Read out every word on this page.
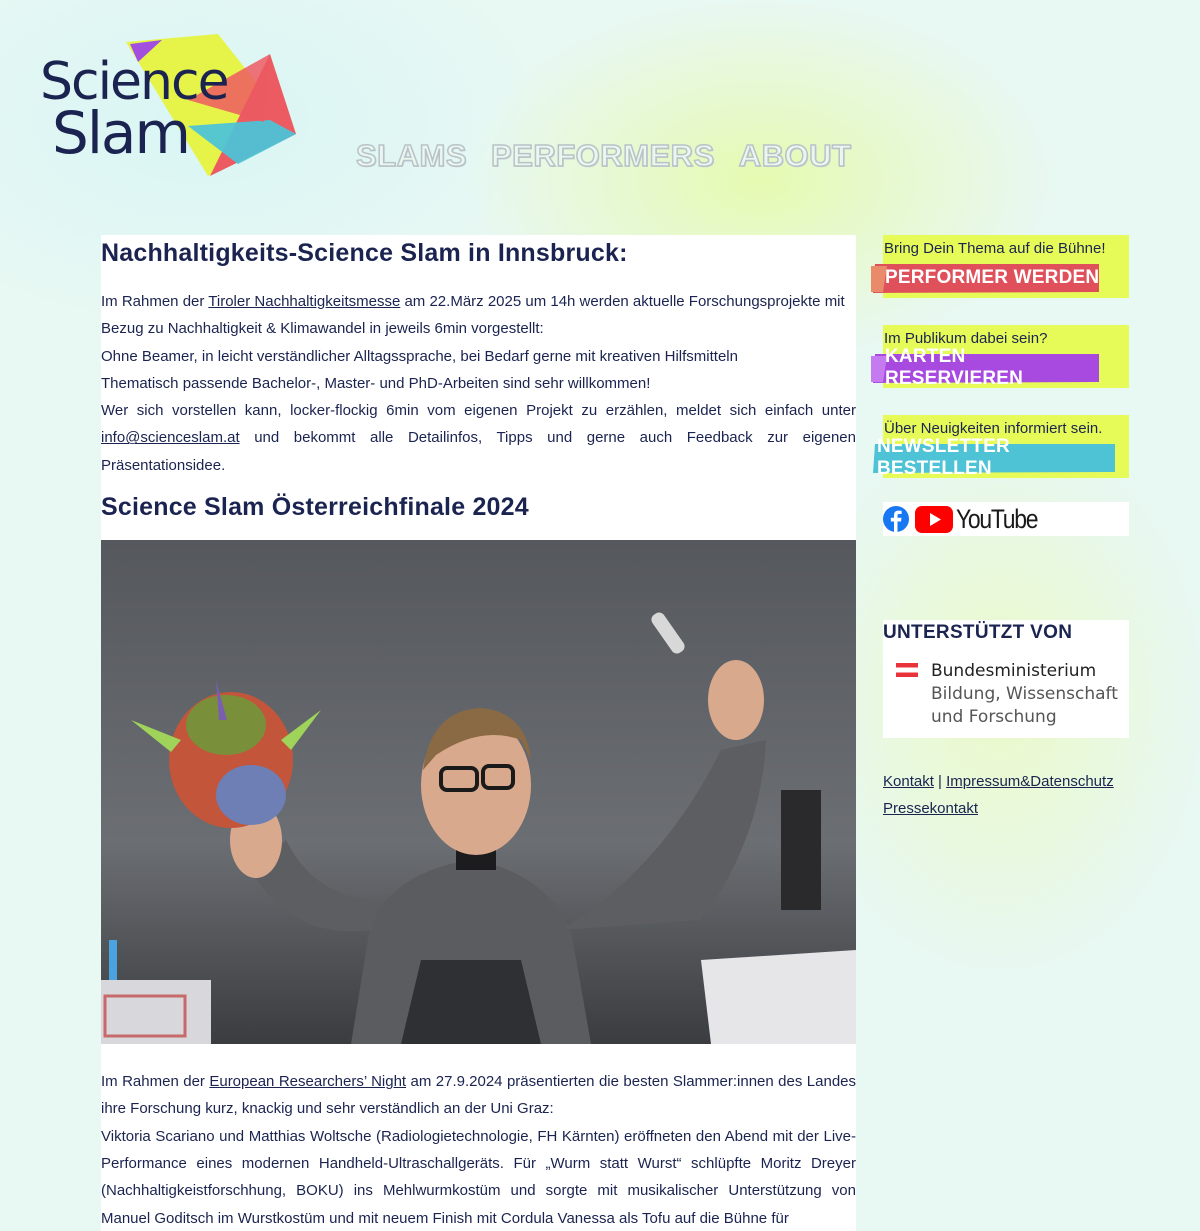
Science
Slam	SLAMS PERFORMERS ABOUT
Nachhaltigkeits-Science Slam in Innsbruck:

Im Rahmen der Tiroler Nachhaltigkeitsmesse am 22.März 2025 um 14h werden aktuelle Forschungsprojekte mit Bezug zu Nachhaltigkeit & Klimawandel in jeweils 6min vorgestellt:

Ohne Beamer, in leicht verständlicher Alltagssprache, bei Bedarf gerne mit kreativen Hilfsmitteln

Thematisch passende Bachelor-, Master- und PhD-Arbeiten sind sehr willkommen!

Wer sich vorstellen kann, locker-flockig 6min vom eigenen Projekt zu erzählen, meldet sich einfach unter info@scienceslam.at und bekommt alle Detailinfos, Tipps und gerne auch Feedback zur eigenen Präsentationsidee.

Science Slam Österreichfinale 2024

Im Rahmen der European Researchers’ Night am 27.9.2024 präsentierten die besten Slammer:innen des Landes ihre Forschung kurz, knackig und sehr verständlich an der Uni Graz:

Viktoria Scariano und Matthias Woltsche (Radiologietechnologie, FH Kärnten) eröffneten den Abend mit der Live-Performance eines modernen Handheld-Ultraschallgeräts. Für „Wurm statt Wurst“ schlüpfte Moritz Dreyer (Nachhaltigkeistforschhung, BOKU) ins Mehlwurmkostüm und sorgte mit musikalischer Unterstützung von Manuel Goditsch im Wurstkostüm und mit neuem Finish mit Cordula Vanessa als Tofu auf die Bühne für

Bring Dein Thema auf die Bühne!
PERFORMER WERDEN
Im Publikum dabei sein?
KARTEN RESERVIEREN
Über Neuigkeiten informiert sein.
NEWSLETTER BESTELLEN
YouTube
UNTERSTÜTZT VON
Bundesministerium
Bildung, Wissenschaft
und Forschung
Kontakt | Impressum&Datenschutz
Pressekontakt
